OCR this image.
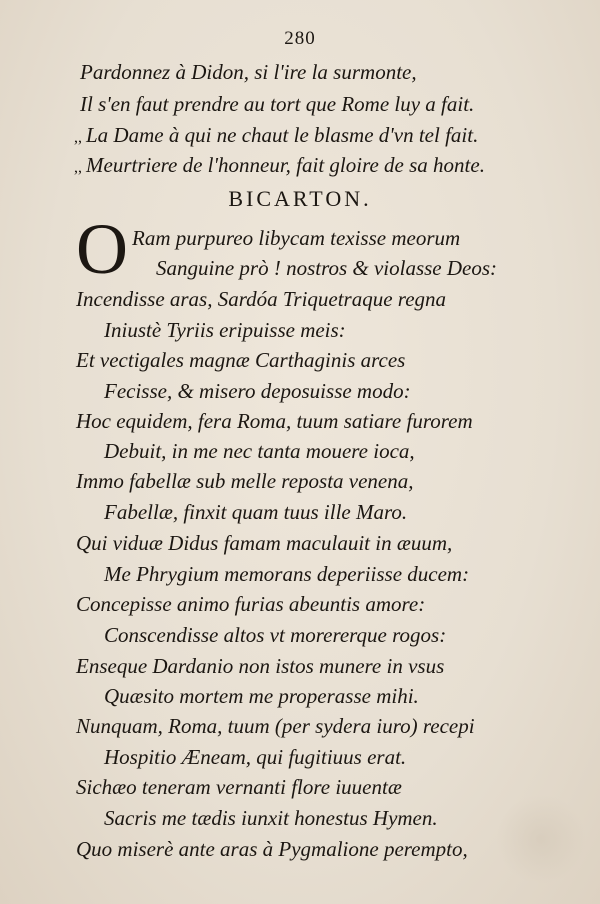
280
Pardonnez à Didon, si l'ire la surmonte,
Il s'en faut prendre au tort que Rome luy a fait.
,, La Dame à qui ne chaut le blasme d'vn tel fait.
,, Meurtriere de l'honneur, fait gloire de sa honte.
BICARTON.
O Ram purpureo libycam texisse meorum
Sanguine prò ! nostros & violasse Deos:
Incendisse aras, Sardóa Triquetraque regna
Iniustè Tyriis eripuisse meis:
Et vectigales magnæ Carthaginis arces
Fecisse, & misero deposuisse modo:
Hoc equidem, fera Roma, tuum satiare furorem
Debuit, in me nec tanta mouere ioca,
Immo fabellæ sub melle reposta venena,
Fabellæ, finxit quam tuus ille Maro.
Qui viduæ Didus famam maculauit in æuum,
Me Phrygium memorans deperiisse ducem:
Concepisse animo furias abeuntis amore:
Conscendisse altos vt morererque rogos:
Enseque Dardanio non istos munere in vsus
Quæsito mortem me properasse mihi.
Nunquam, Roma, tuum (per sydera iuro) recepi
Hospitio Æneam, qui fugitiuus erat.
Sichæo teneram vernanti flore iuuentæ
Sacris me tædis iunxit honestus Hymen.
Quo miserè ante aras à Pygmalione perempto,
